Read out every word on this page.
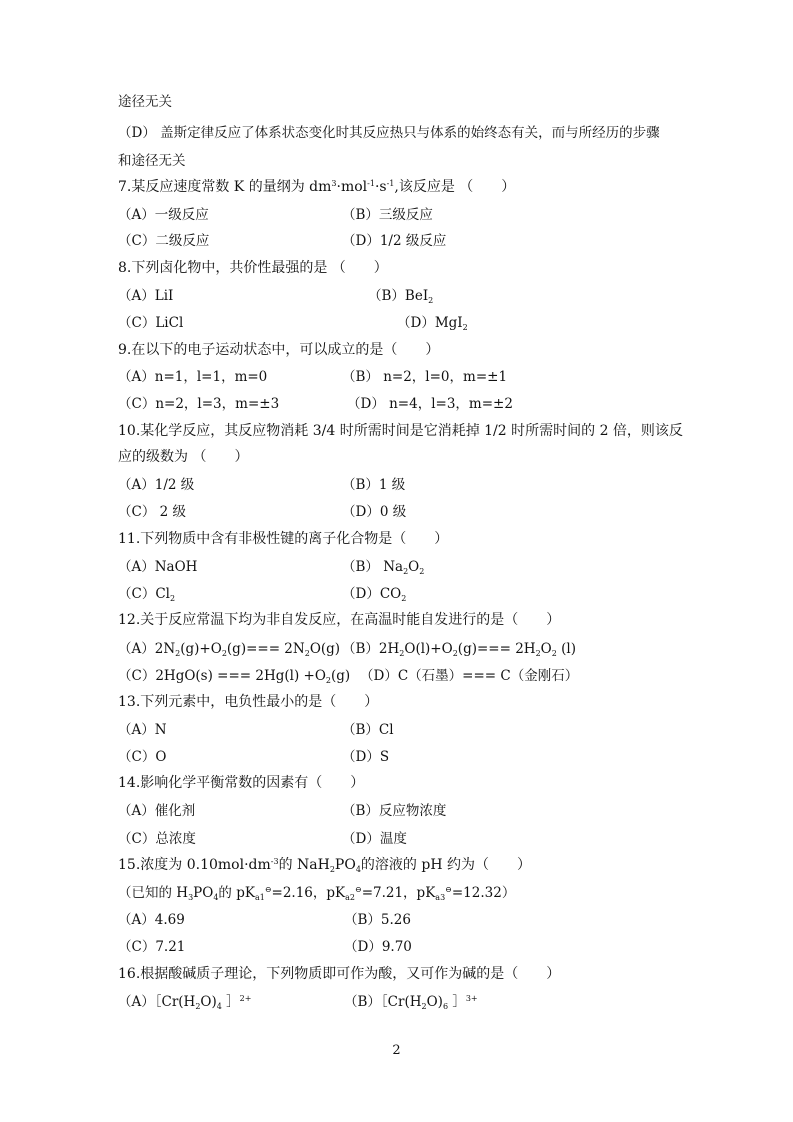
途径无关
（D） 盖斯定律反应了体系状态变化时其反应热只与体系的始终态有关，而与所经历的步骤
和途径无关
7.某反应速度常数 K 的量纲为 $dm^3\cdot mol^{-1}\cdot s^{-1}$,该反应是 （　　）
（A）一级反应	（B）三级反应
（C）二级反应	（D）1/2 级反应
8.下列卤化物中，共价性最强的是 （　　）
（A）LiI	（B）BeI$_2$
（C）LiCl	（D）MgI$_2$
9.在以下的电子运动状态中，可以成立的是（　　）
（A）n=1，l=1，m=0	（B） n=2，l=0，m=±1
（C）n=2，l=3，m=±3	（D） n=4，l=3，m=±2
10.某化学反应，其反应物消耗 3/4 时所需时间是它消耗掉 1/2 时所需时间的 2 倍，则该反
应的级数为 （　　）
（A）1/2 级	（B）1 级
（C） 2 级	（D）0 级
11.下列物质中含有非极性键的离子化合物是（　　）
（A）NaOH	（B） $Na_2O_2$
$(C)Cl_2$	$(D)CO_2$
12.关于反应常温下均为非自发反应，在高温时能自发进行的是（　　）
$(A)2N_2(g)+O_2(g)=== 2N_2O(g)$ $(B)2H_2O(l)+O_2(g)=== 2H_2O_2$ (l)
（C）2HgO(s) === $2Hg(l) +O_2(g)$ （D）C（石墨）=== C（金刚石）
13.下列元素中，电负性最小的是（　　）
（A）N	（B）Cl
（C）O	（D）S
14.影响化学平衡常数的因素有（　　）
（A）催化剂	（B）反应物浓度
（C）总浓度	（D）温度
15.浓度为 $0.10mol\cdot dm^{-3}$的 $NaH_2PO_4$的溶液的 pH 约为（　　）
（已知的 $H_3PO_4$的 $pK_{a1}^⊖=2.16$，$pK_{a2}^⊖=7.21$，$pK_{a3}^⊖=12.32$）
（A）4.69	（B）5.26
（C）7.21	（D）9.70
16.根据酸碱质子理论，下列物质即可作为酸，又可作为碱的是（　　）
$(A)[Cr(H_2O)_4$ ］$^{2+}$	$(B)[Cr(H_2O)_6$ ］$^{3+}$
2
